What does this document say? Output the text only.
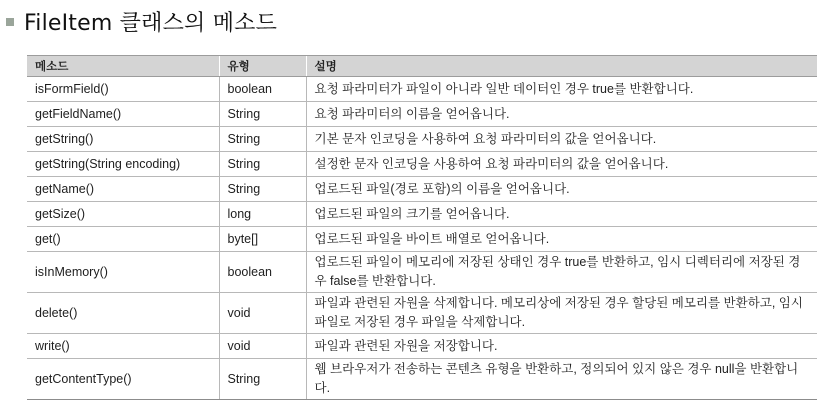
FileItem 클래스의 메소드
메소드	유형	설명
isFormField()	boolean	요청 파라미터가 파일이 아니라 일반 데이터인 경우 true를 반환합니다.
getFieldName()	String	요청 파라미터의 이름을 얻어옵니다.
getString()	String	기본 문자 인코딩을 사용하여 요청 파라미터의 값을 얻어옵니다.
getString(String encoding)	String	설정한 문자 인코딩을 사용하여 요청 파라미터의 값을 얻어옵니다.
getName()	String	업로드된 파일(경로 포함)의 이름을 얻어옵니다.
getSize()	long	업로드된 파일의 크기를 얻어옵니다.
get()	byte[]	업로드된 파일을 바이트 배열로 얻어옵니다.
isInMemory()	boolean	업로드된 파일이 메모리에 저장된 상태인 경우 true를 반환하고, 임시 디렉터리에 저장된 경우 false를 반환합니다.
delete()	void	파일과 관련된 자원을 삭제합니다. 메모리상에 저장된 경우 할당된 메모리를 반환하고, 임시 파일로 저장된 경우 파일을 삭제합니다.
write()	void	파일과 관련된 자원을 저장합니다.
getContentType()	String	웹 브라우저가 전송하는 콘텐츠 유형을 반환하고, 정의되어 있지 않은 경우 null을 반환합니다.
